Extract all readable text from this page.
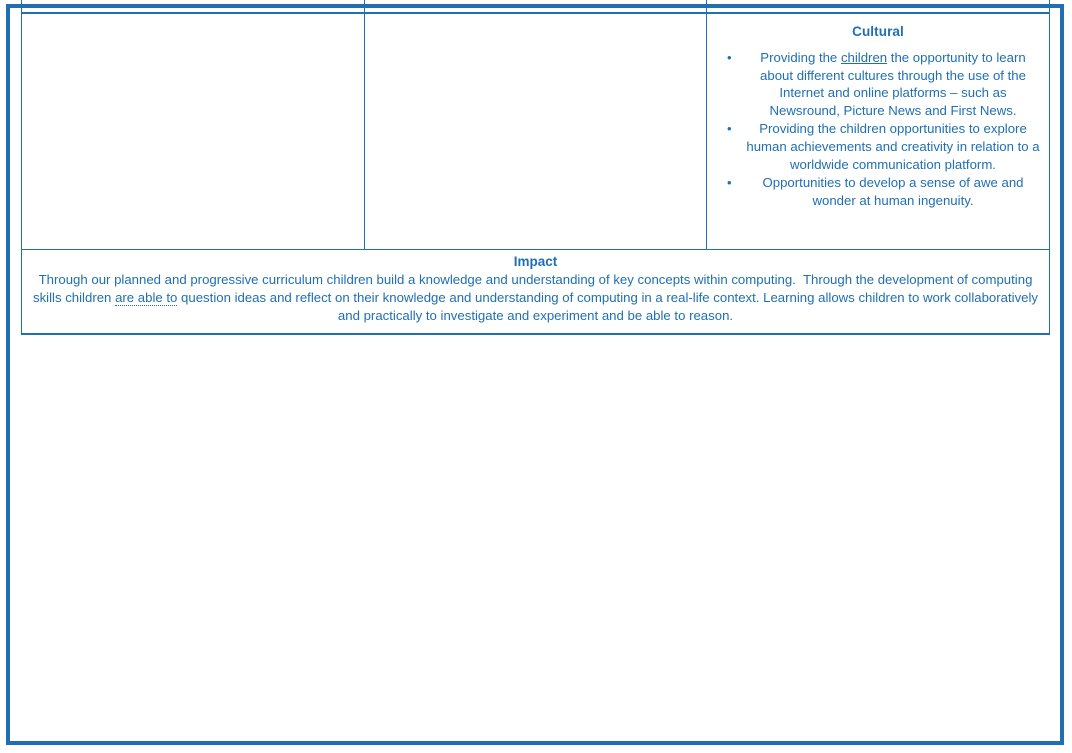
Cultural
• Providing the children the opportunity to learn about different cultures through the use of the Internet and online platforms – such as Newsround, Picture News and First News.
• Providing the children opportunities to explore human achievements and creativity in relation to a worldwide communication platform.
• Opportunities to develop a sense of awe and wonder at human ingenuity.
Impact
Through our planned and progressive curriculum children build a knowledge and understanding of key concepts within computing.  Through the development of computing skills children are able to question ideas and reflect on their knowledge and understanding of computing in a real-life context. Learning allows children to work collaboratively and practically to investigate and experiment and be able to reason.
